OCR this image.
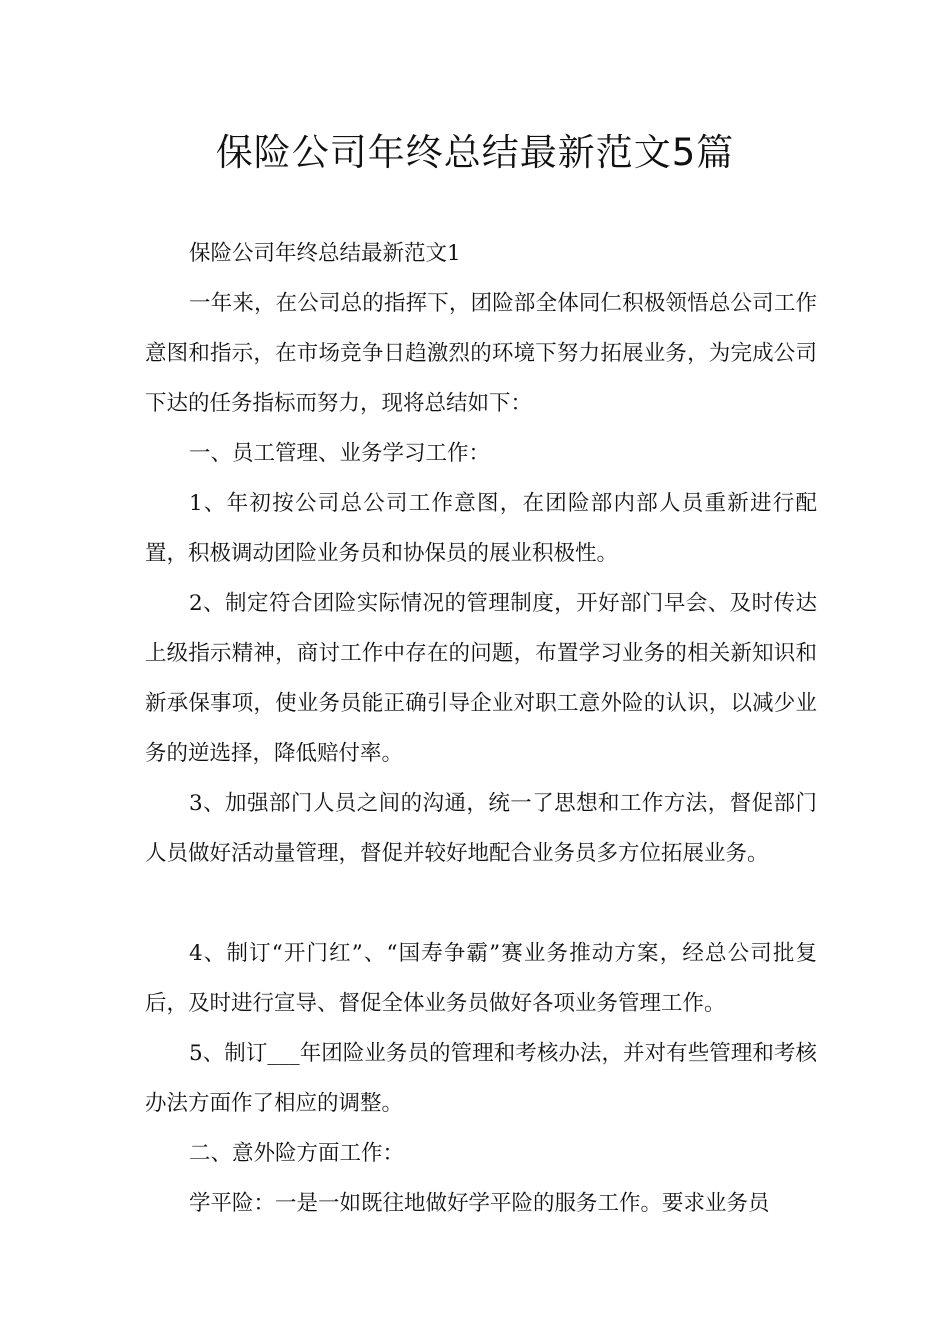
保险公司年终总结最新范文5篇

保险公司年终总结最新范文1

一年来，在公司总的指挥下，团险部全体同仁积极领悟总公司工作意图和指示，在市场竞争日趋激烈的环境下努力拓展业务，为完成公司下达的任务指标而努力，现将总结如下：

一、员工管理、业务学习工作：

1、年初按公司总公司工作意图，在团险部内部人员重新进行配置，积极调动团险业务员和协保员的展业积极性。

2、制定符合团险实际情况的管理制度，开好部门早会、及时传达上级指示精神，商讨工作中存在的问题，布置学习业务的相关新知识和新承保事项，使业务员能正确引导企业对职工意外险的认识，以减少业务的逆选择，降低赔付率。

3、加强部门人员之间的沟通，统一了思想和工作方法，督促部门人员做好活动量管理，督促并较好地配合业务员多方位拓展业务。

4、制订“开门红”、“国寿争霸”赛业务推动方案，经总公司批复后，及时进行宣导、督促全体业务员做好各项业务管理工作。

5、制订___年团险业务员的管理和考核办法，并对有些管理和考核办法方面作了相应的调整。

二、意外险方面工作：

学平险：一是一如既往地做好学平险的服务工作。要求业务员
